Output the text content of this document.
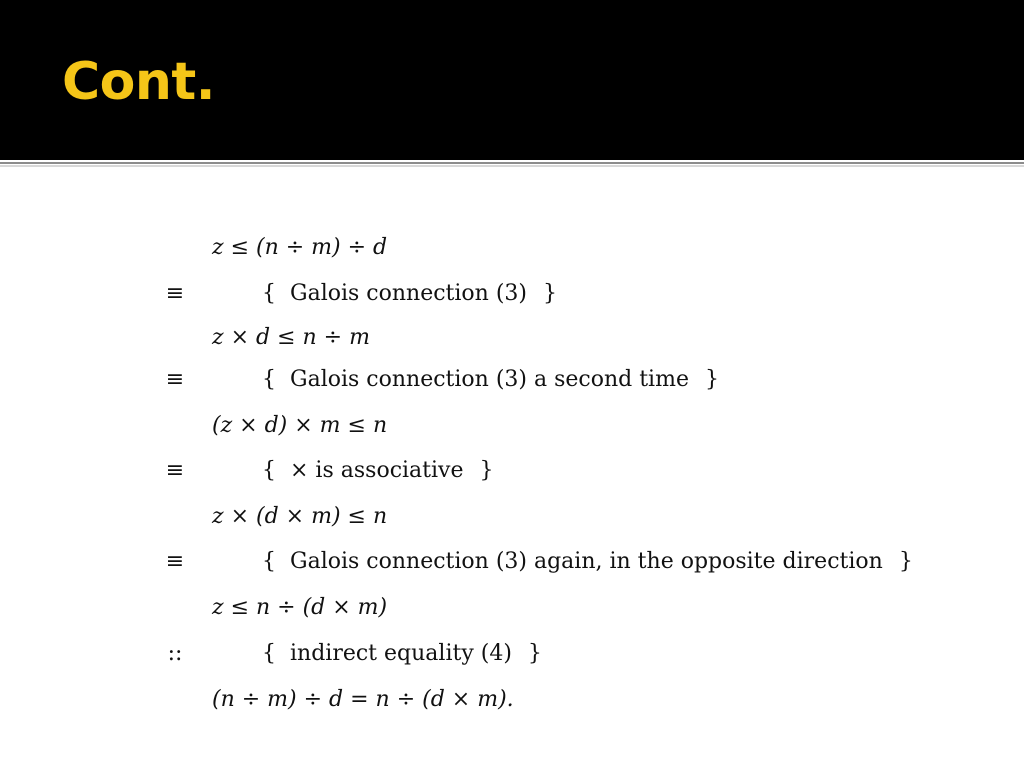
Cont.
z ≤ (n ÷ m) ÷ d
≡	{ Galois connection (3) }
z × d ≤ n ÷ m
≡	{ Galois connection (3) a second time }
(z × d) × m ≤ n
≡	{ × is associative }
z × (d × m) ≤ n
≡	{ Galois connection (3) again, in the opposite direction }
z ≤ n ÷ (d × m)
::	{ indirect equality (4) }
(n ÷ m) ÷ d = n ÷ (d × m).
